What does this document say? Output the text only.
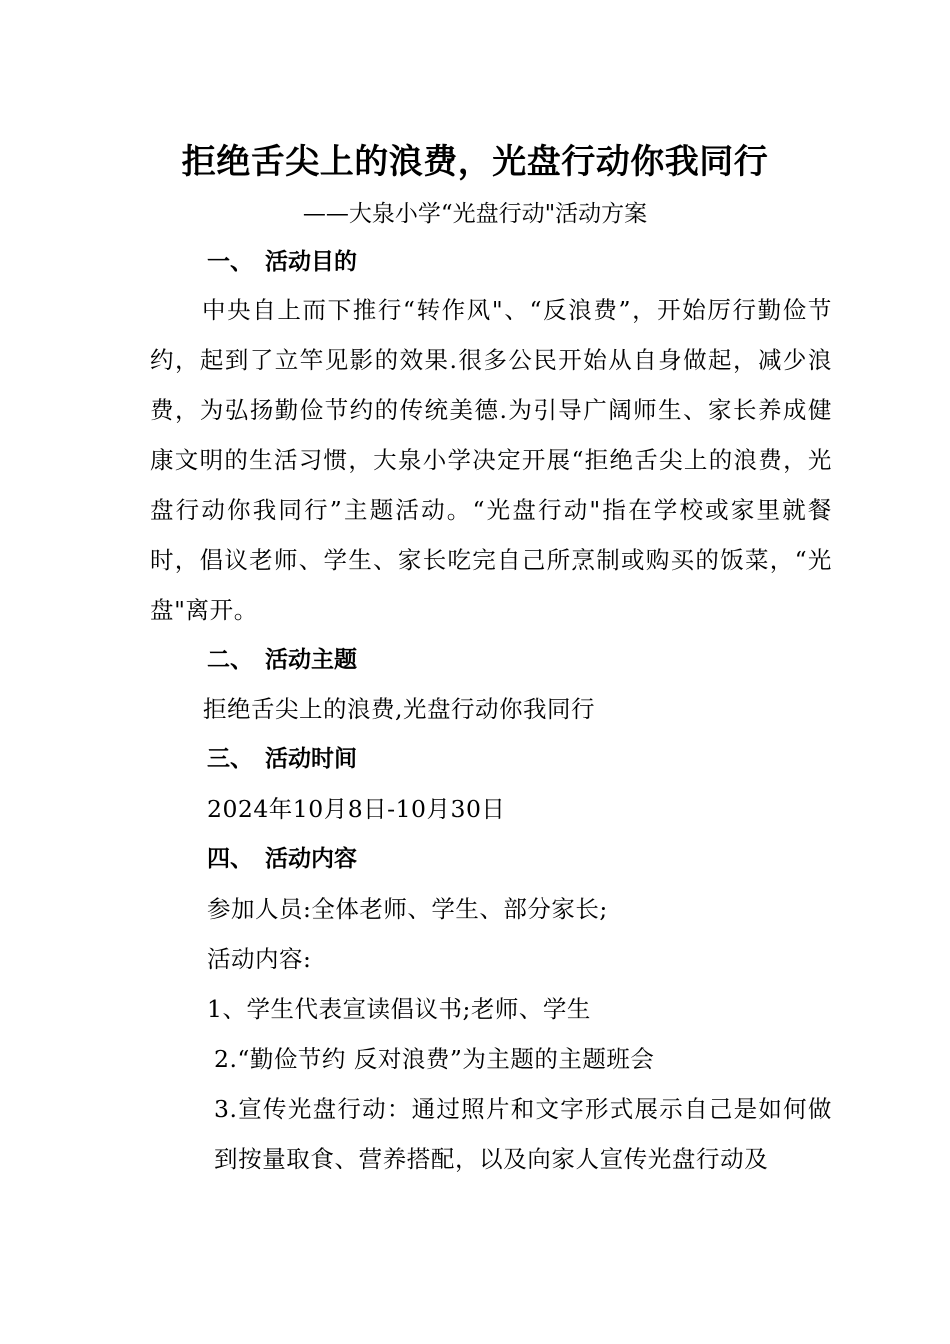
拒绝舌尖上的浪费，光盘行动你我同行
——大泉小学“光盘行动"活动方案
一、 活动目的
中央自上而下推行“转作风"、“反浪费”，开始厉行勤俭节约，起到了立竿见影的效果.很多公民开始从自身做起，减少浪费，为弘扬勤俭节约的传统美德.为引导广阔师生、家长养成健康文明的生活习惯，大泉小学决定开展“拒绝舌尖上的浪费，光盘行动你我同行”主题活动。“光盘行动"指在学校或家里就餐时，倡议老师、学生、家长吃完自己所烹制或购买的饭菜，“光盘"离开。
二、 活动主题
拒绝舌尖上的浪费,光盘行动你我同行
三、 活动时间
2024年10月8日-10月30日
四、 活动内容
参加人员:全体老师、学生、部分家长;
活动内容:
1、学生代表宣读倡议书;老师、学生
2.“勤俭节约 反对浪费”为主题的主题班会
3.宣传光盘行动：通过照片和文字形式展示自己是如何做到按量取食、营养搭配，以及向家人宣传光盘行动及
